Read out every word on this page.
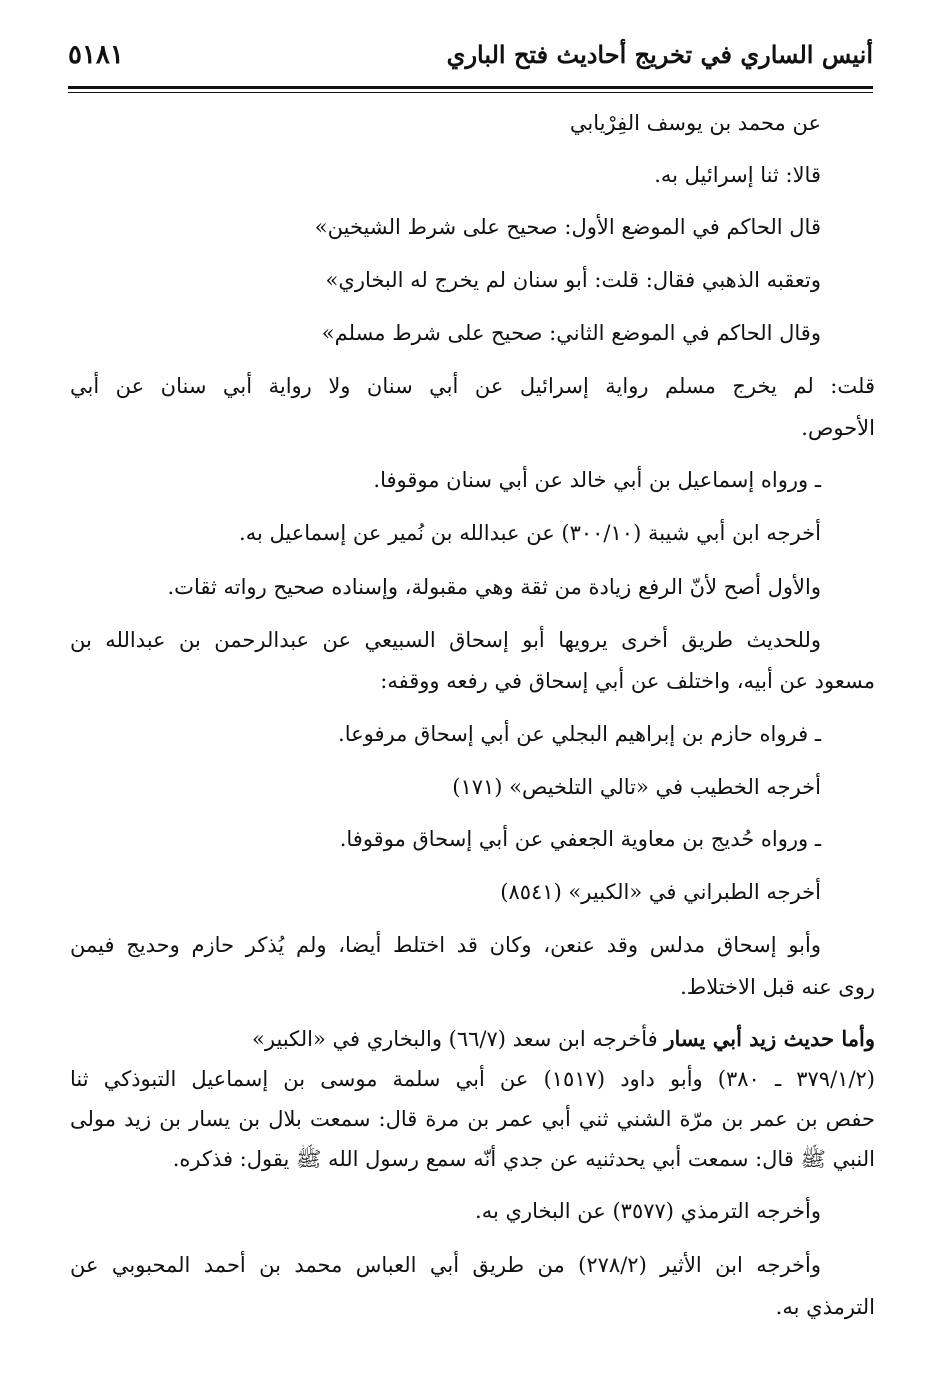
أنيس الساري في تخريج أحاديث فتح الباري
٥١٨١
عن محمد بن يوسف الفِرْيابي
قالا: ثنا إسرائيل به.
قال الحاكم في الموضع الأول: صحيح على شرط الشيخين»
وتعقبه الذهبي فقال: قلت: أبو سنان لم يخرج له البخاري»
وقال الحاكم في الموضع الثاني: صحيح على شرط مسلم»
قلت: لم يخرج مسلم رواية إسرائيل عن أبي سنان ولا رواية أبي سنان عن أبي
الأحوص.
ـ ورواه إسماعيل بن أبي خالد عن أبي سنان موقوفا.
أخرجه ابن أبي شيبة (٣٠٠/١٠) عن عبدالله بن نُمير عن إسماعيل به.
والأول أصح لأنّ الرفع زيادة من ثقة وهي مقبولة، وإسناده صحيح رواته ثقات.
وللحديث طريق أخرى يرويها أبو إسحاق السبيعي عن عبدالرحمن بن عبدالله بن
مسعود عن أبيه، واختلف عن أبي إسحاق في رفعه ووقفه:
ـ فرواه حازم بن إبراهيم البجلي عن أبي إسحاق مرفوعا.
أخرجه الخطيب في «تالي التلخيص» (١٧١)
ـ ورواه حُديج بن معاوية الجعفي عن أبي إسحاق موقوفا.
أخرجه الطبراني في «الكبير» (٨٥٤١)
وأبو إسحاق مدلس وقد عنعن، وكان قد اختلط أيضا، ولم يُذكر حازم وحديج فيمن
روى عنه قبل الاختلاط.
وأما حديث زيد أبي يسار فأخرجه ابن سعد (٦٦/٧) والبخاري في «الكبير»
(٣٧٩/١/٢ ـ ٣٨٠) وأبو داود (١٥١٧) عن أبي سلمة موسى بن إسماعيل التبوذكي ثنا
حفص بن عمر بن مرّة الشني ثني أبي عمر بن مرة قال: سمعت بلال بن يسار بن زيد مولى
النبي ﷺ قال: سمعت أبي يحدثنيه عن جدي أنّه سمع رسول الله ﷺ يقول: فذكره.
وأخرجه الترمذي (٣٥٧٧) عن البخاري به.
وأخرجه ابن الأثير (٢٧٨/٢) من طريق أبي العباس محمد بن أحمد المحبوبي عن
الترمذي به.
